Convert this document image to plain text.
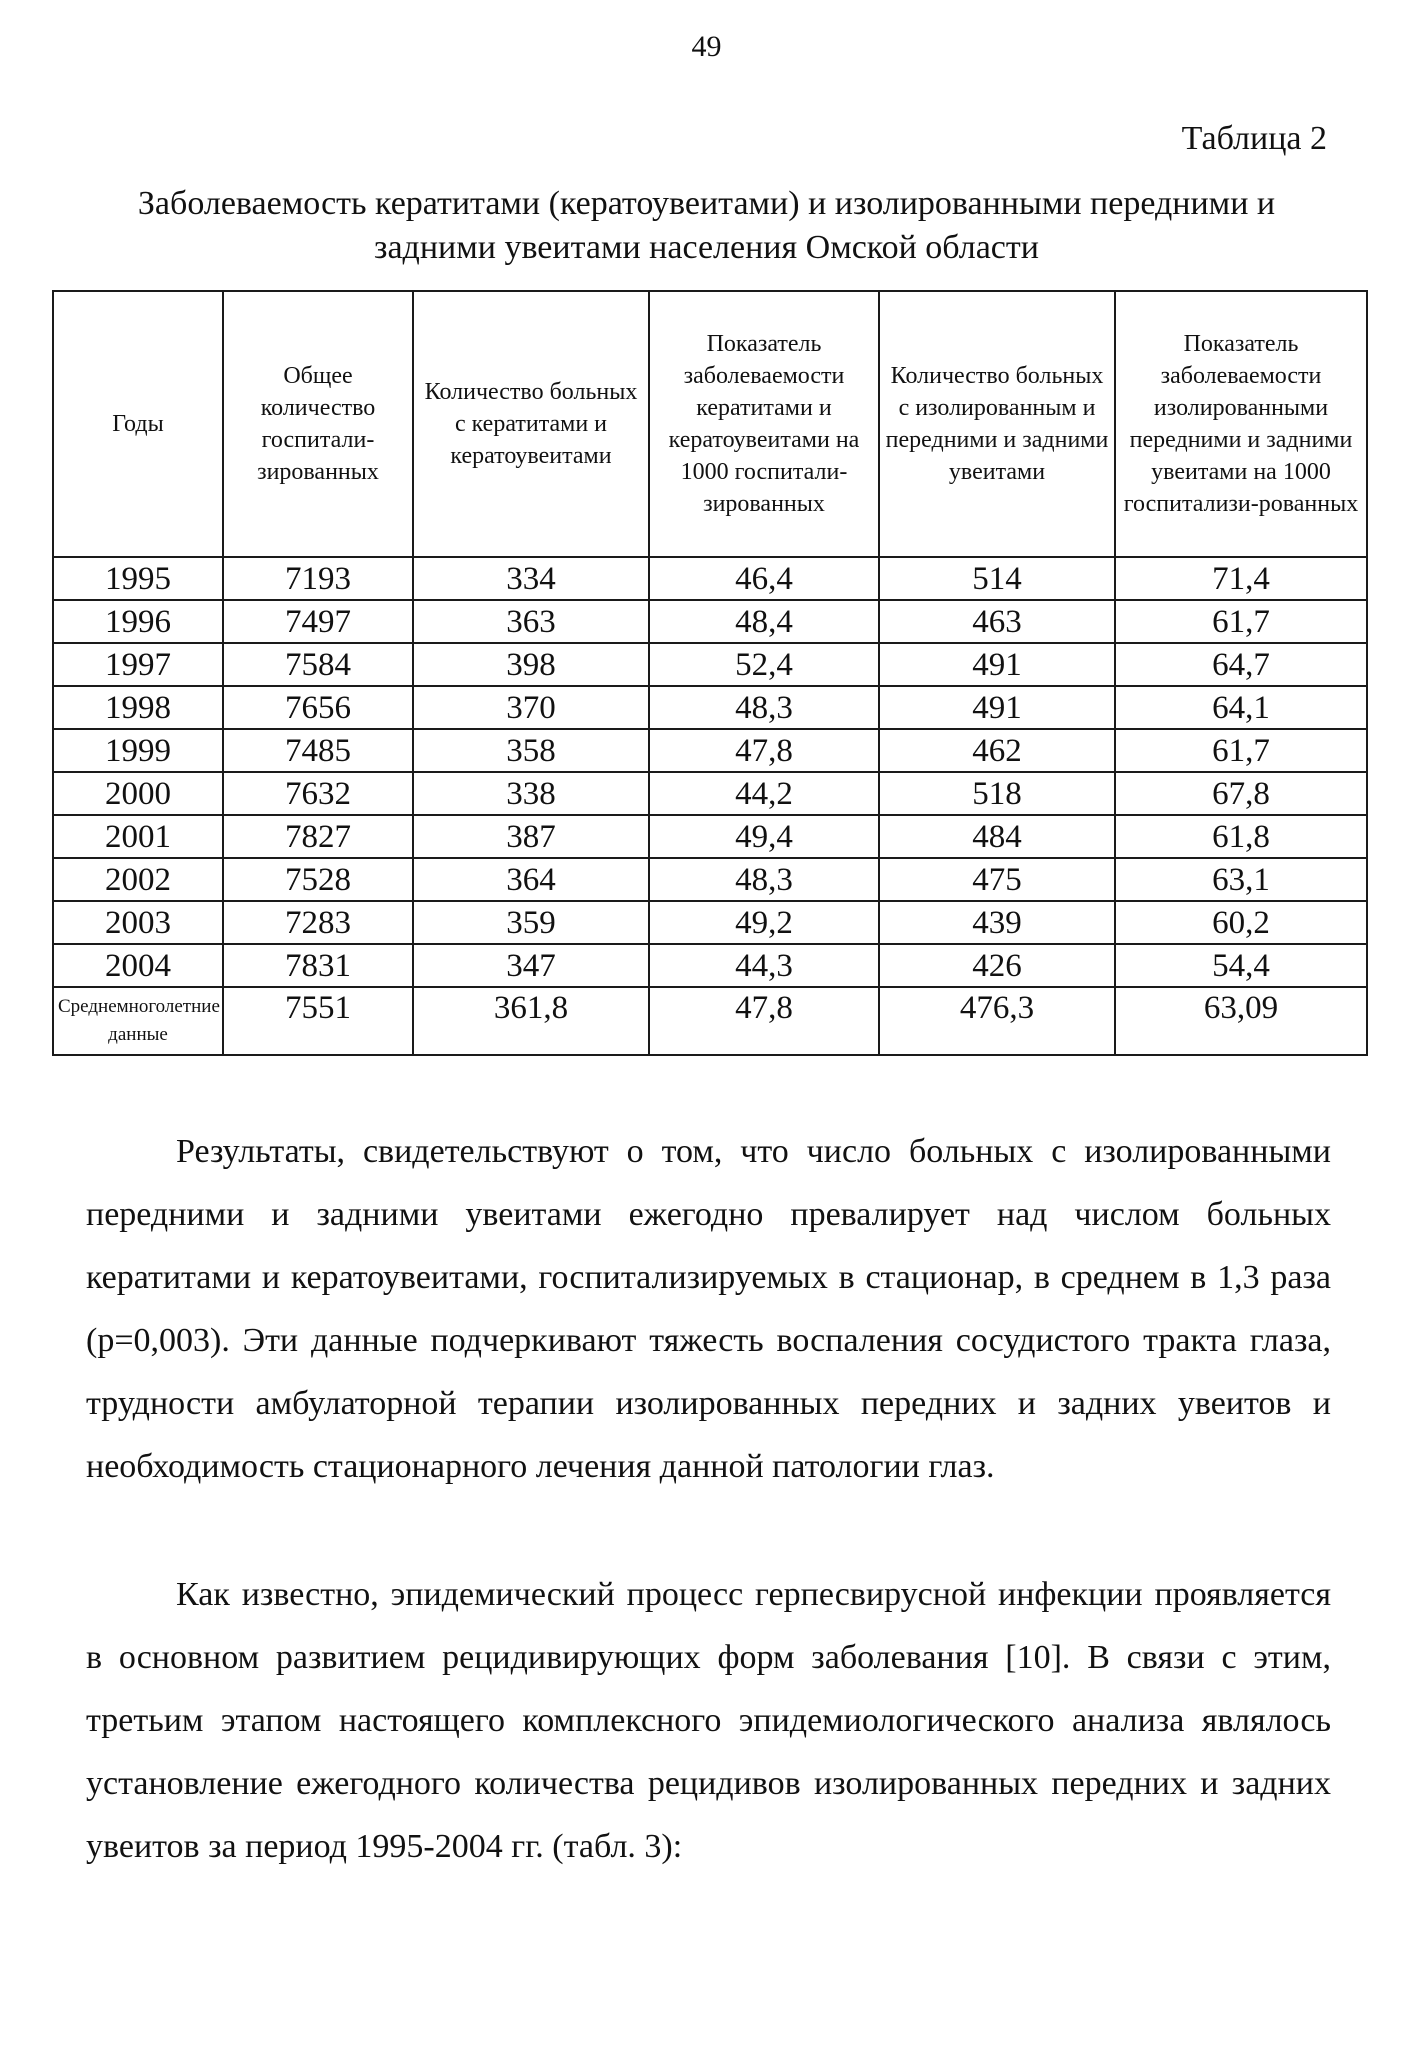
49
Таблица 2
Заболеваемость кератитами (кератоувеитами) и изолированными передними и
задними увеитами населения Омской области
Годы	Общее количество госпитали-зированных	Количество больных с кератитами и кератоувеитами	Показатель заболеваемости кератитами и кератоувеитами на 1000 госпитали-зированных	Количество больных с изолированным и передними и задними увеитами	Показатель заболеваемости изолированными передними и задними увеитами на 1000 госпитализи-рованных
1995	7193	334	46,4	514	71,4
1996	7497	363	48,4	463	61,7
1997	7584	398	52,4	491	64,7
1998	7656	370	48,3	491	64,1
1999	7485	358	47,8	462	61,7
2000	7632	338	44,2	518	67,8
2001	7827	387	49,4	484	61,8
2002	7528	364	48,3	475	63,1
2003	7283	359	49,2	439	60,2
2004	7831	347	44,3	426	54,4
Среднемноголетние данные	7551	361,8	47,8	476,3	63,09

Результаты, свидетельствуют о том, что число больных с изолированными передними и задними увеитами ежегодно превалирует над числом больных кератитами и кератоувеитами, госпитализируемых в стационар, в среднем в 1,3 раза (p=0,003). Эти данные подчеркивают тяжесть воспаления сосудистого тракта глаза, трудности амбулаторной терапии изолированных передних и задних увеитов и необходимость стационарного лечения данной патологии глаз.

Как известно, эпидемический процесс герпесвирусной инфекции проявляется в основном развитием рецидивирующих форм заболевания [10]. В связи с этим, третьим этапом настоящего комплексного эпидемиологического анализа являлось установление ежегодного количества рецидивов изолированных передних и задних увеитов за период 1995-2004 гг. (табл. 3):
